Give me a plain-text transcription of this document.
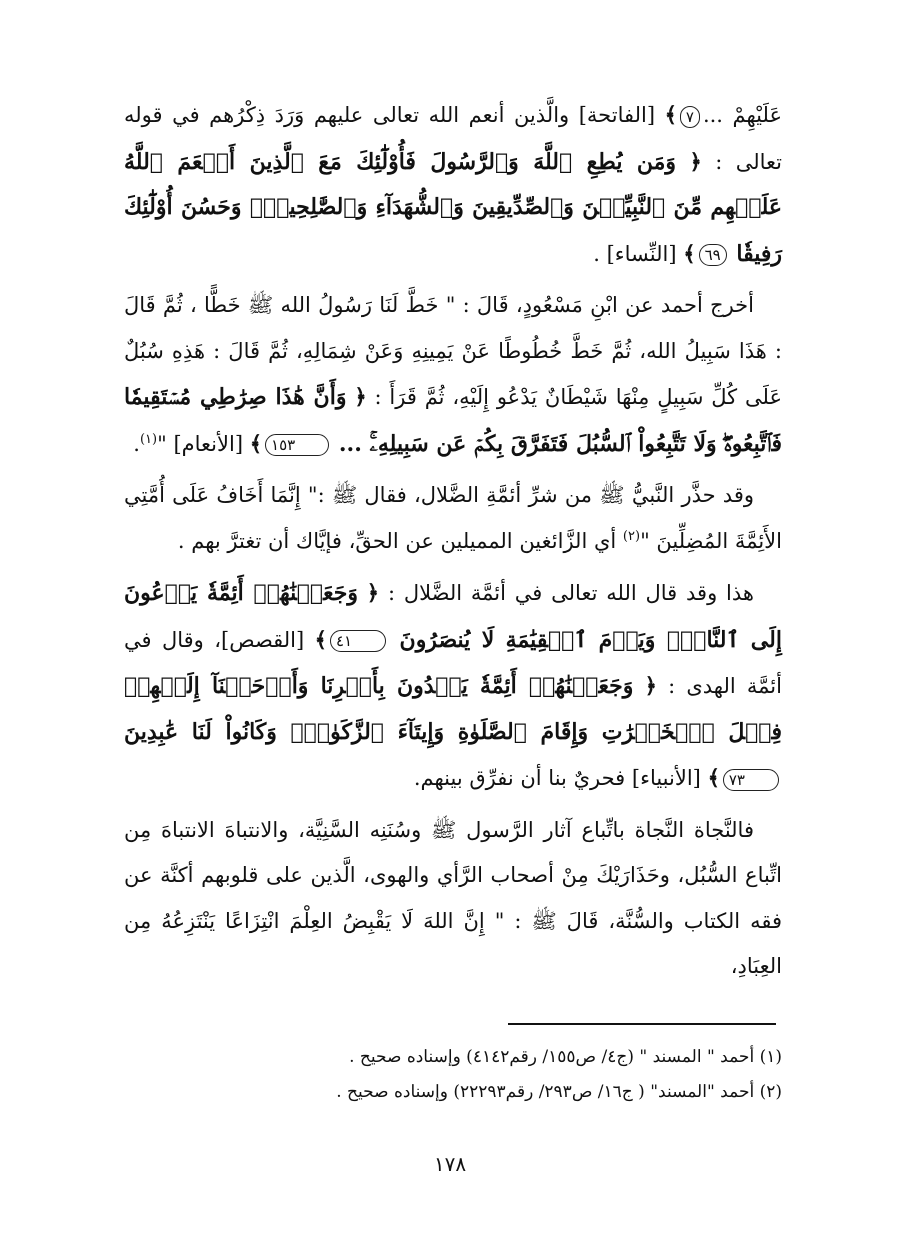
عَلَيْهِمْ ...٧﴾ [الفاتحة] والَّذين أنعم الله تعالى عليهم وَرَدَ ذِكْرُهم في قوله تعالى : ﴿ وَمَن يُطِعِ ٱللَّهَ وَٱلرَّسُولَ فَأُوْلَٰٓئِكَ مَعَ ٱلَّذِينَ أَنۡعَمَ ٱللَّهُ عَلَيۡهِم مِّنَ ٱلنَّبِيِّـۧنَ وَٱلصِّدِّيقِينَ وَٱلشُّهَدَآءِ وَٱلصَّٰلِحِينَۚ وَحَسُنَ أُوْلَٰٓئِكَ رَفِيقٗا ٦٩﴾ [النِّساء] .

أخرج أحمد عن ابْنِ مَسْعُودٍ، قَالَ : " خَطَّ لَنَا رَسُولُ الله ﷺ خَطًّا ، ثُمَّ قَالَ : هَذَا سَبِيلُ الله، ثُمَّ خَطَّ خُطُوطًا عَنْ يَمِينِهِ وَعَنْ شِمَالِهِ، ثُمَّ قَالَ : هَذِهِ سُبُلٌ عَلَى كُلِّ سَبِيلٍ مِنْهَا شَيْطَانٌ يَدْعُو إِلَيْهِ، ثُمَّ قَرَأَ : ﴿ وَأَنَّ هَٰذَا صِرَٰطِي مُسۡتَقِيمٗا فَٱتَّبِعُوهُۖ وَلَا تَتَّبِعُواْ ٱلسُّبُلَ فَتَفَرَّقَ بِكُمۡ عَن سَبِيلِهِۦۚ ... ١٥٣﴾ [الأنعام] "$^{(١)}$.

وقد حذَّر النَّبيُّ ﷺ من شرِّ أئمَّةِ الضَّلال، فقال ﷺ :" إِنَّمَا أَخَافُ عَلَى أُمَّتِي الأَئِمَّةَ المُضِلِّينَ "$^{(٢)}$ أي الزَّائغين المميلين عن الحقِّ، فإيَّاك أن تغترَّ بهم .

هذا وقد قال الله تعالى في أئمَّة الضَّلال : ﴿ وَجَعَلۡنَٰهُمۡ أَئِمَّةٗ يَدۡعُونَ إِلَى ٱلنَّارِۖ وَيَوۡمَ ٱلۡقِيَٰمَةِ لَا يُنصَرُونَ ٤١﴾ [القصص]، وقال في أئمَّة الهدى : ﴿ وَجَعَلۡنَٰهُمۡ أَئِمَّةٗ يَهۡدُونَ بِأَمۡرِنَا وَأَوۡحَيۡنَآ إِلَيۡهِمۡ فِعۡلَ ٱلۡخَيۡرَٰتِ وَإِقَامَ ٱلصَّلَوٰةِ وَإِيتَآءَ ٱلزَّكَوٰةِۖ وَكَانُواْ لَنَا عَٰبِدِينَ ٧٣﴾ [الأنبياء] فحريٌ بنا أن نفرِّق بينهم.

فالنَّجاة النَّجاة باتِّباع آثار الرَّسول ﷺ وسُنَنِه السَّنِيَّة، والانتباهَ الانتباهَ مِن اتِّباع السُّبُل، وحَذَارَيْكَ مِنْ أصحاب الرَّأي والهوى، الَّذين على قلوبهم أكنَّة عن فقه الكتاب والسُّنَّة، قَالَ ﷺ : " إِنَّ اللهَ لَا يَقْبِضُ العِلْمَ انْتِزَاعًا يَنْتَزِعُهُ مِن العِبَادِ،

(١) أحمد " المسند " (ج٤/ ص١٥٥/ رقم٤١٤٢) وإسناده صحيح .

(٢) أحمد "المسند" ( ج١٦/ ص٢٩٣/ رقم٢٢٢٩٣) وإسناده صحيح .

١٧٨
